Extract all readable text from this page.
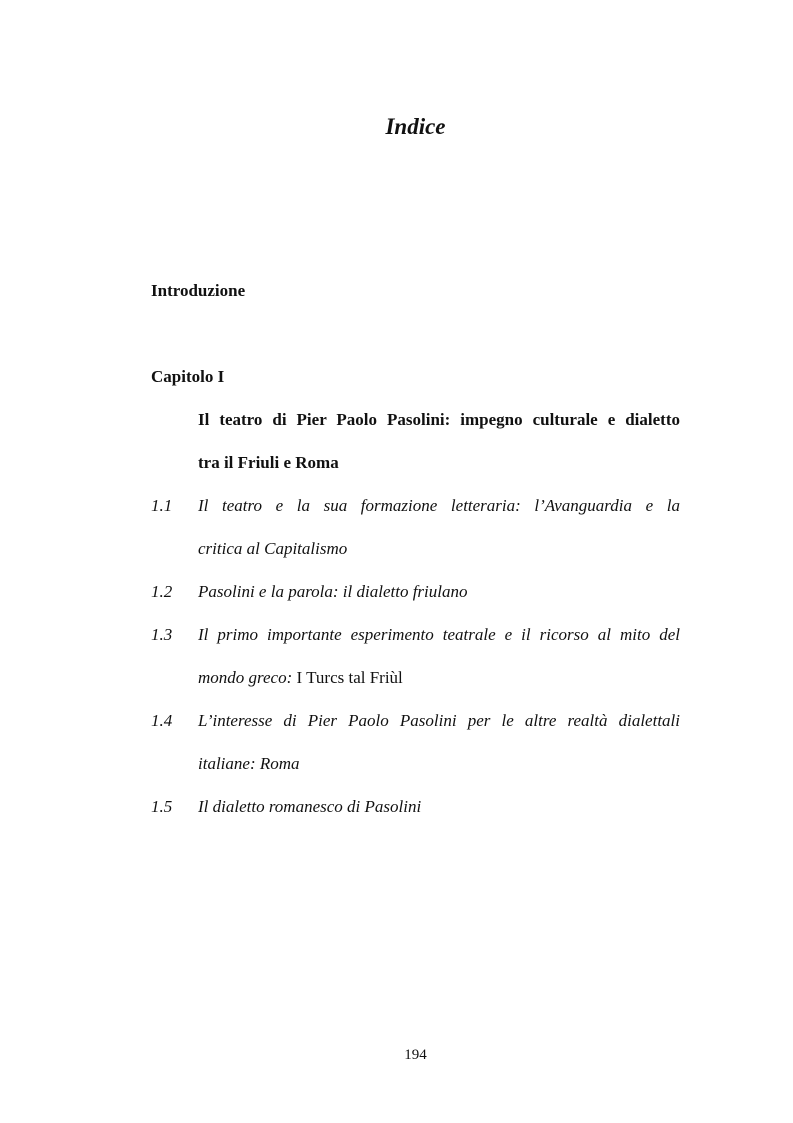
Indice

Introduzione

Capitolo I

Il teatro di Pier Paolo Pasolini: impegno culturale e dialetto
tra il Friuli e Roma
1.1 Il teatro e la sua formazione letteraria: l’Avanguardia e la
critica al Capitalismo
1.2 Pasolini e la parola: il dialetto friulano
1.3 Il primo importante esperimento teatrale e il ricorso al mito del
mondo greco: I Turcs tal Friùl
1.4 L’interesse di Pier Paolo Pasolini per le altre realtà dialettali
italiane: Roma
1.5 Il dialetto romanesco di Pasolini

194
